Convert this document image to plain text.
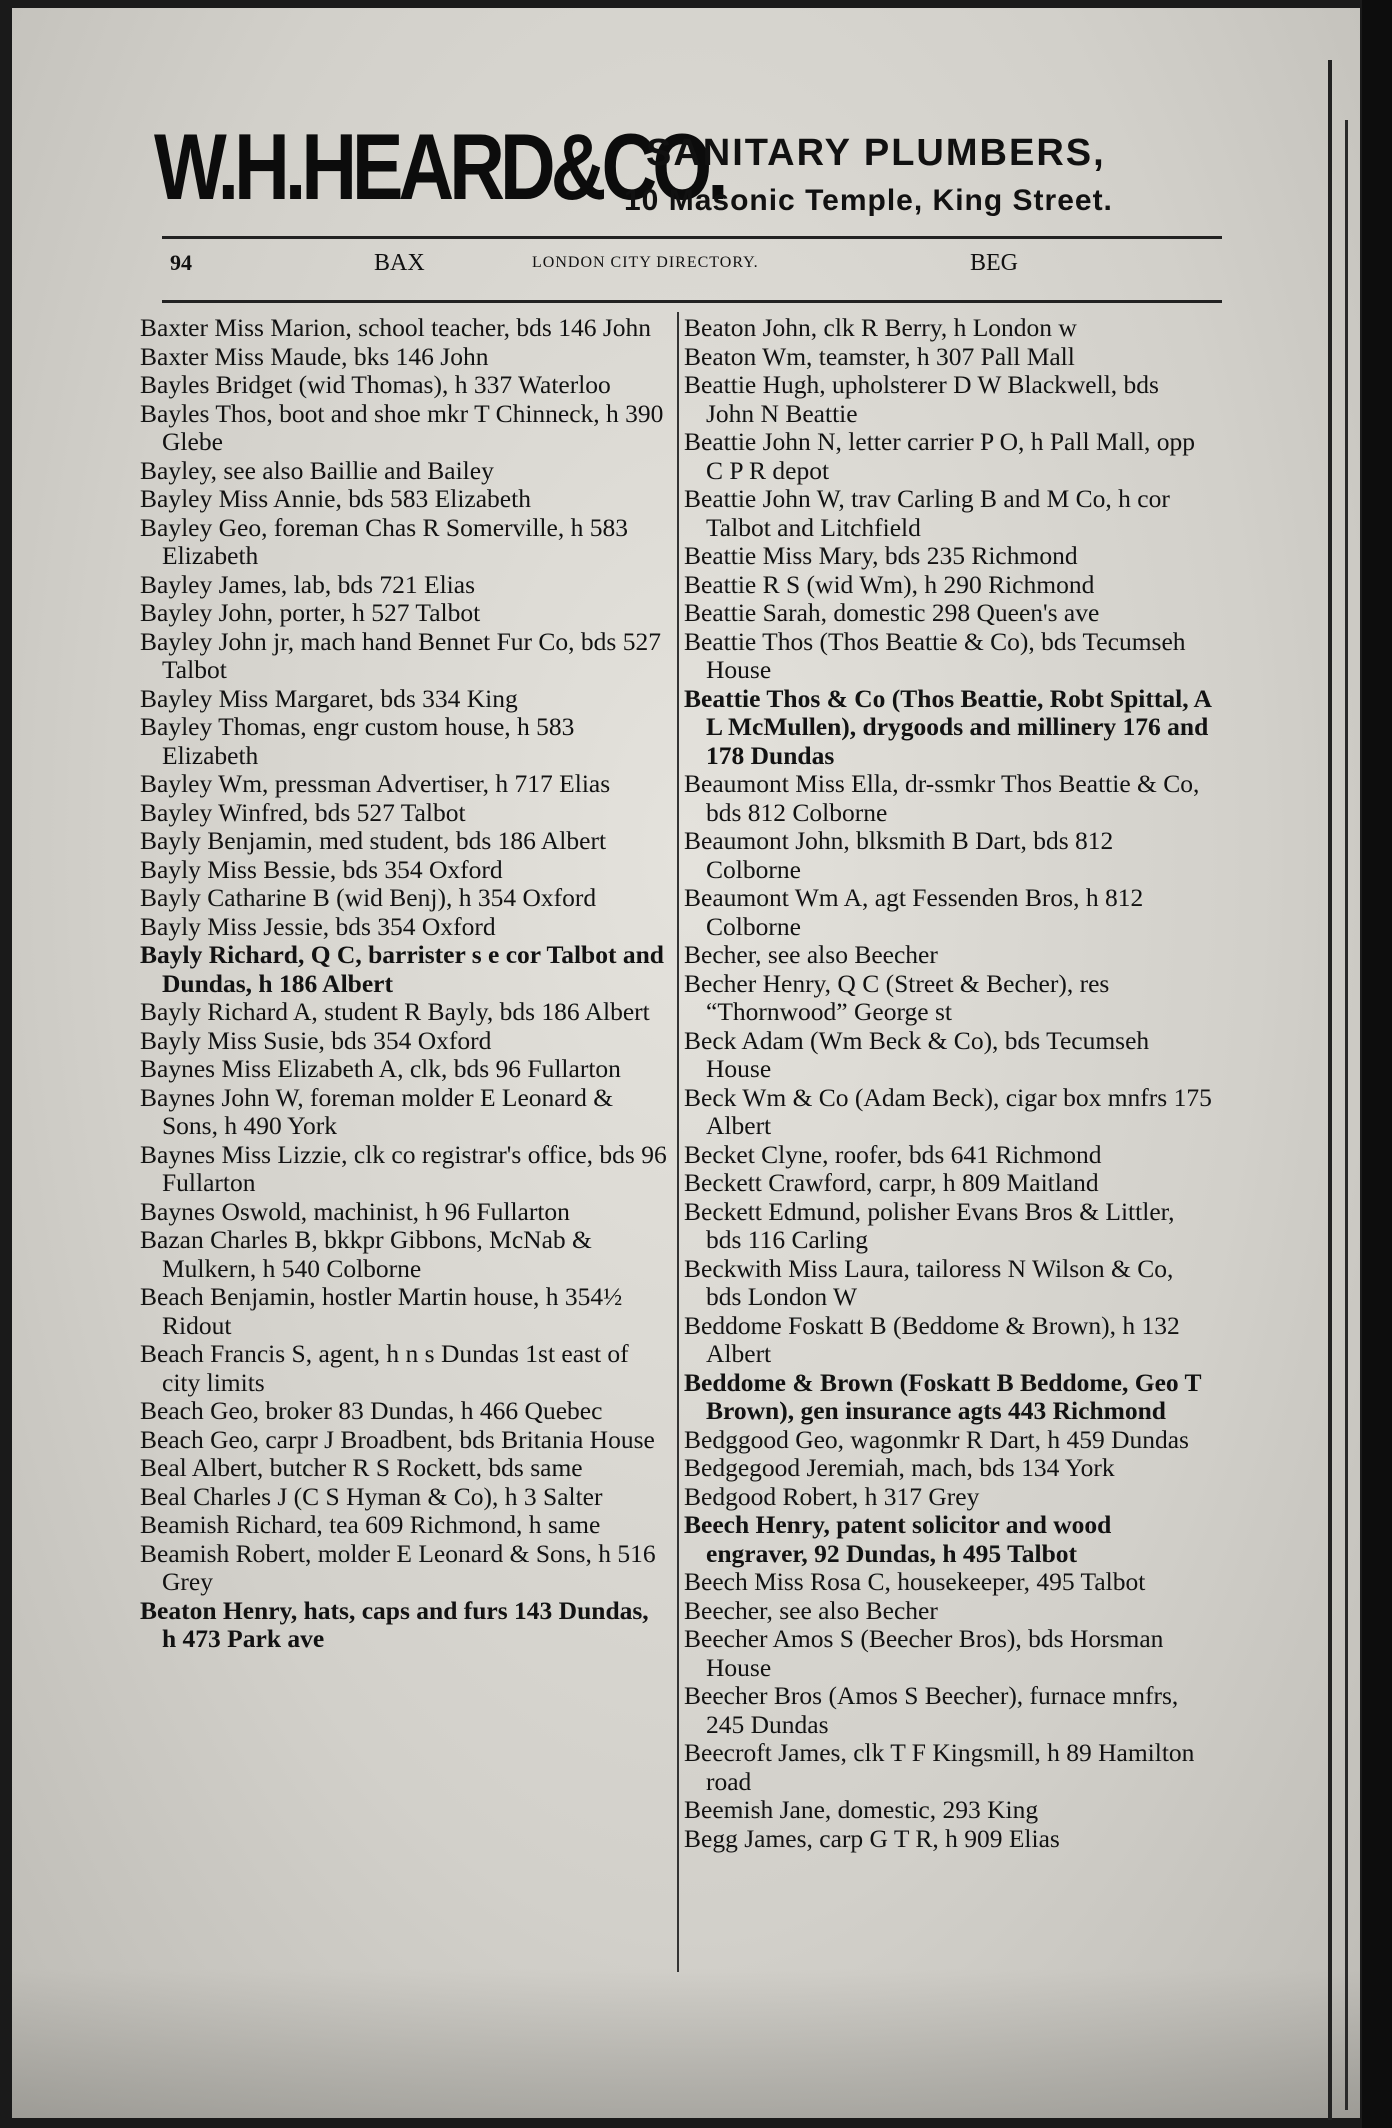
W.H.HEARD&CO.
SANITARY PLUMBERS,
10 Masonic Temple, King Street.
94	BAX	LONDON CITY DIRECTORY.	BEG

Baxter Miss Marion, school teacher, bds 146 John

Baxter Miss Maude, bks 146 John

Bayles Bridget (wid Thomas), h 337 Waterloo

Bayles Thos, boot and shoe mkr T Chinneck, h 390 Glebe

Bayley, see also Baillie and Bailey

Bayley Miss Annie, bds 583 Elizabeth

Bayley Geo, foreman Chas R Somerville, h 583 Elizabeth

Bayley James, lab, bds 721 Elias

Bayley John, porter, h 527 Talbot

Bayley John jr, mach hand Bennet Fur Co, bds 527 Talbot

Bayley Miss Margaret, bds 334 King

Bayley Thomas, engr custom house, h 583 Elizabeth

Bayley Wm, pressman Advertiser, h 717 Elias

Bayley Winfred, bds 527 Talbot

Bayly Benjamin, med student, bds 186 Albert

Bayly Miss Bessie, bds 354 Oxford

Bayly Catharine B (wid Benj), h 354 Oxford

Bayly Miss Jessie, bds 354 Oxford

Bayly Richard, Q C, barrister s e cor Talbot and Dundas, h 186 Albert

Bayly Richard A, student R Bayly, bds 186 Albert

Bayly Miss Susie, bds 354 Oxford

Baynes Miss Elizabeth A, clk, bds 96 Fullarton

Baynes John W, foreman molder E Leonard & Sons, h 490 York

Baynes Miss Lizzie, clk co registrar's office, bds 96 Fullarton

Baynes Oswold, machinist, h 96 Fullarton

Bazan Charles B, bkkpr Gibbons, McNab & Mulkern, h 540 Colborne

Beach Benjamin, hostler Martin house, h 354½ Ridout

Beach Francis S, agent, h n s Dundas 1st east of city limits

Beach Geo, broker 83 Dundas, h 466 Quebec

Beach Geo, carpr J Broadbent, bds Britania House

Beal Albert, butcher R S Rockett, bds same

Beal Charles J (C S Hyman & Co), h 3 Salter

Beamish Richard, tea 609 Richmond, h same

Beamish Robert, molder E Leonard & Sons, h 516 Grey

Beaton Henry, hats, caps and furs 143 Dundas, h 473 Park ave

Beaton John, clk R Berry, h London w

Beaton Wm, teamster, h 307 Pall Mall

Beattie Hugh, upholsterer D W Blackwell, bds John N Beattie

Beattie John N, letter carrier P O, h Pall Mall, opp C P R depot

Beattie John W, trav Carling B and M Co, h cor Talbot and Litchfield

Beattie Miss Mary, bds 235 Richmond

Beattie R S (wid Wm), h 290 Richmond

Beattie Sarah, domestic 298 Queen's ave

Beattie Thos (Thos Beattie & Co), bds Tecumseh House

Beattie Thos & Co (Thos Beattie, Robt Spittal, A L McMullen), drygoods and millinery 176 and 178 Dundas

Beaumont Miss Ella, dr-ssmkr Thos Beattie & Co, bds 812 Colborne

Beaumont John, blksmith B Dart, bds 812 Colborne

Beaumont Wm A, agt Fessenden Bros, h 812 Colborne

Becher, see also Beecher

Becher Henry, Q C (Street & Becher), res “Thornwood” George st

Beck Adam (Wm Beck & Co), bds Tecumseh House

Beck Wm & Co (Adam Beck), cigar box mnfrs 175 Albert

Becket Clyne, roofer, bds 641 Richmond

Beckett Crawford, carpr, h 809 Maitland

Beckett Edmund, polisher Evans Bros & Littler, bds 116 Carling

Beckwith Miss Laura, tailoress N Wilson & Co, bds London W

Beddome Foskatt B (Beddome & Brown), h 132 Albert

Beddome & Brown (Foskatt B Beddome, Geo T Brown), gen insurance agts 443 Richmond

Bedggood Geo, wagonmkr R Dart, h 459 Dundas

Bedgegood Jeremiah, mach, bds 134 York

Bedgood Robert, h 317 Grey

Beech Henry, patent solicitor and wood engraver, 92 Dundas, h 495 Talbot

Beech Miss Rosa C, housekeeper, 495 Talbot

Beecher, see also Becher

Beecher Amos S (Beecher Bros), bds Horsman House

Beecher Bros (Amos S Beecher), furnace mnfrs, 245 Dundas

Beecroft James, clk T F Kingsmill, h 89 Hamilton road

Beemish Jane, domestic, 293 King

Begg James, carp G T R, h 909 Elias
